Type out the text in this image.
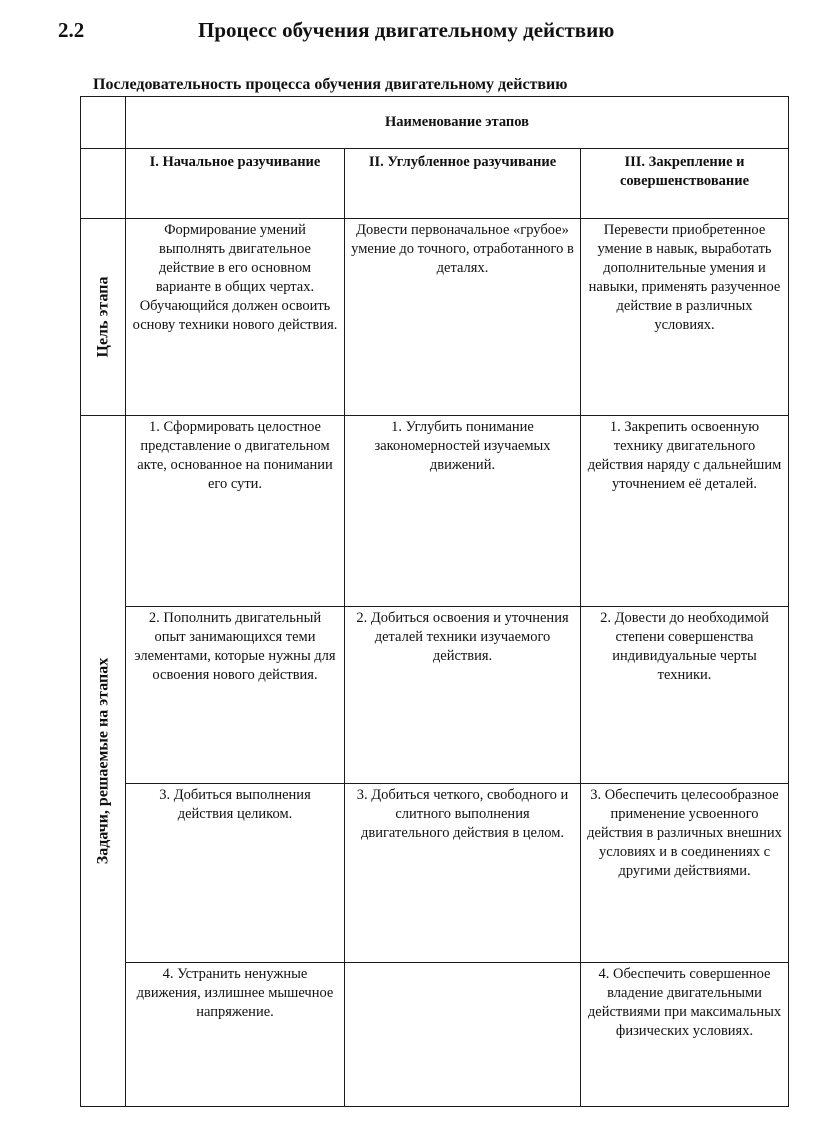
2.2	Процесс обучения двигательному действию
Последовательность процесса обучения двигательному действию
	Наименование этапов		
	I. Начальное разучивание	II. Углубленное разучивание	III. Закрепление и совершенствование

Цель этапа	Формирование умений выполнять двигательное действие в его основном варианте в общих чертах. Обучающийся должен освоить основу техники нового действия.	Довести первоначальное «грубое» умение до точного, отработанного в деталях.	Перевести приобретенное умение в навык, выработать дополнительные умения и навыки, применять разученное действие в различных условиях.

Задачи, решаемые на этапах	1. Сформировать целостное представление о двигательном акте, основанное на понимании его сути.	1. Углубить понимание закономерностей изучаемых движений.	1. Закрепить освоенную технику двигательного действия наряду с дальнейшим уточнением её деталей.
	2. Пополнить двигательный опыт занимающихся теми элементами, которые нужны для освоения нового действия.	2. Добиться освоения и уточнения деталей техники изучаемого действия.	2. Довести до необходимой степени совершенства индивидуальные черты техники.
	3. Добиться выполнения действия целиком.	3. Добиться четкого, свободного и слитного выполнения двигательного действия в целом.	3. Обеспечить целесообразное применение усвоенного действия в различных внешних условиях и в соединениях с другими действиями.
	4. Устранить ненужные движения, излишнее мышечное напряжение.		4. Обеспечить совершенное владение двигательными действиями при максимальных физических условиях.
